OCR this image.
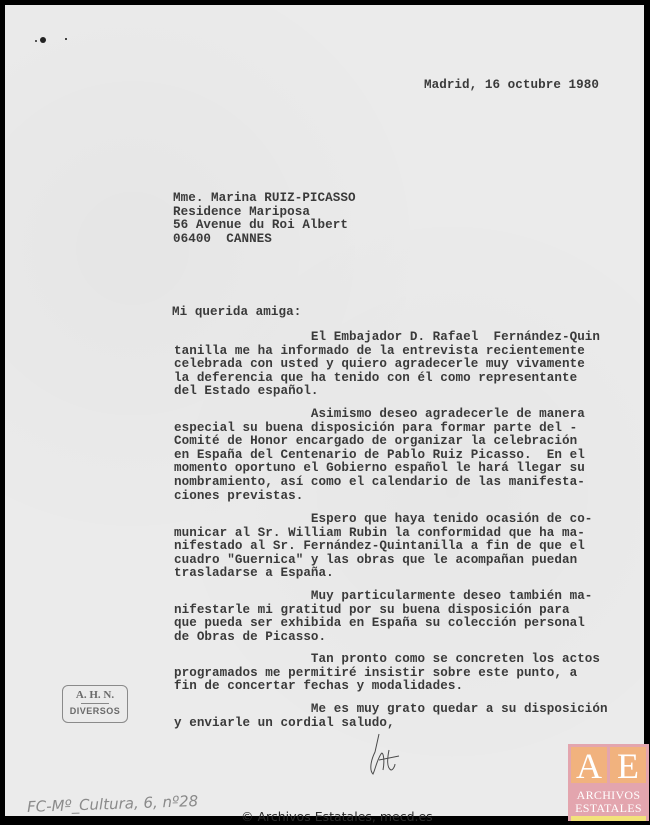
Madrid, 16 octubre 1980
Mme. Marina RUIZ-PICASSO
Residence Mariposa
56 Avenue du Roi Albert
06400  CANNES
Mi querida amiga:
El Embajador D. Rafael  Fernández-Quin
tanilla me ha informado de la entrevista recientemente
celebrada con usted y quiero agradecerle muy vivamente
la deferencia que ha tenido con él como representante
del Estado español.
Asimismo deseo agradecerle de manera
especial su buena disposición para formar parte del -
Comité de Honor encargado de organizar la celebración
en España del Centenario de Pablo Ruiz Picasso.  En el
momento oportuno el Gobierno español le hará llegar su
nombramiento, así como el calendario de las manifesta-
ciones previstas.
Espero que haya tenido ocasión de co-
municar al Sr. William Rubin la conformidad que ha ma-
nifestado al Sr. Fernández-Quintanilla a fin de que el
cuadro "Guernica" y las obras que le acompañan puedan
trasladarse a España.
Muy particularmente deseo también ma-
nifestarle mi gratitud por su buena disposición para
que pueda ser exhibida en España su colección personal
de Obras de Picasso.
Tan pronto como se concreten los actos
programados me permitiré insistir sobre este punto, a
fin de concertar fechas y modalidades.
Me es muy grato quedar a su disposición
y enviarle un cordial saludo,
A. H. N.
DIVERSOS
FC-Mº_Cultura, 6, nº28
© Archivos Estatales, mecd.es
A E
ARCHIVOS
ESTATALES
